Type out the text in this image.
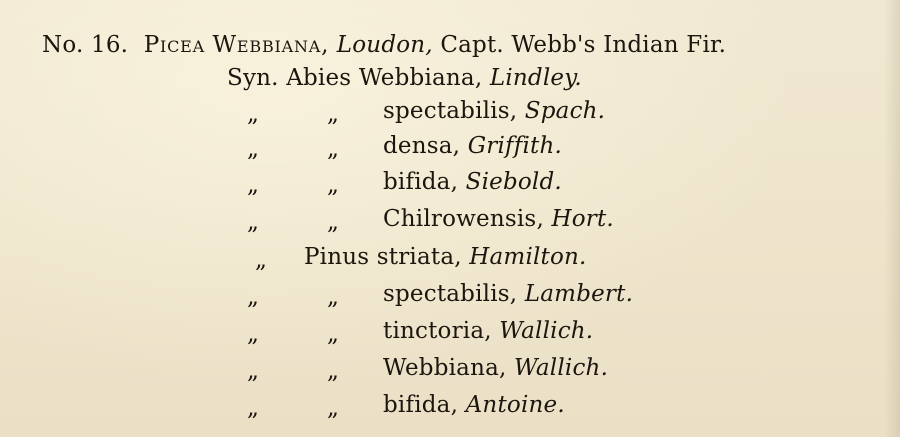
No. 16. Picea Webbiana, Loudon, Capt. Webb's Indian Fir.
Syn. Abies Webbiana, Lindley.
„	„ spectabilis, Spach.
„	„ densa, Griffith.
„	„ bifida, Siebold.
„	„ Chilrowensis, Hort.
„ Pinus striata, Hamilton.
„	„ spectabilis, Lambert.
„	„ tinctoria, Wallich.
„	„ Webbiana, Wallich.
„	„ bifida, Antoine.
